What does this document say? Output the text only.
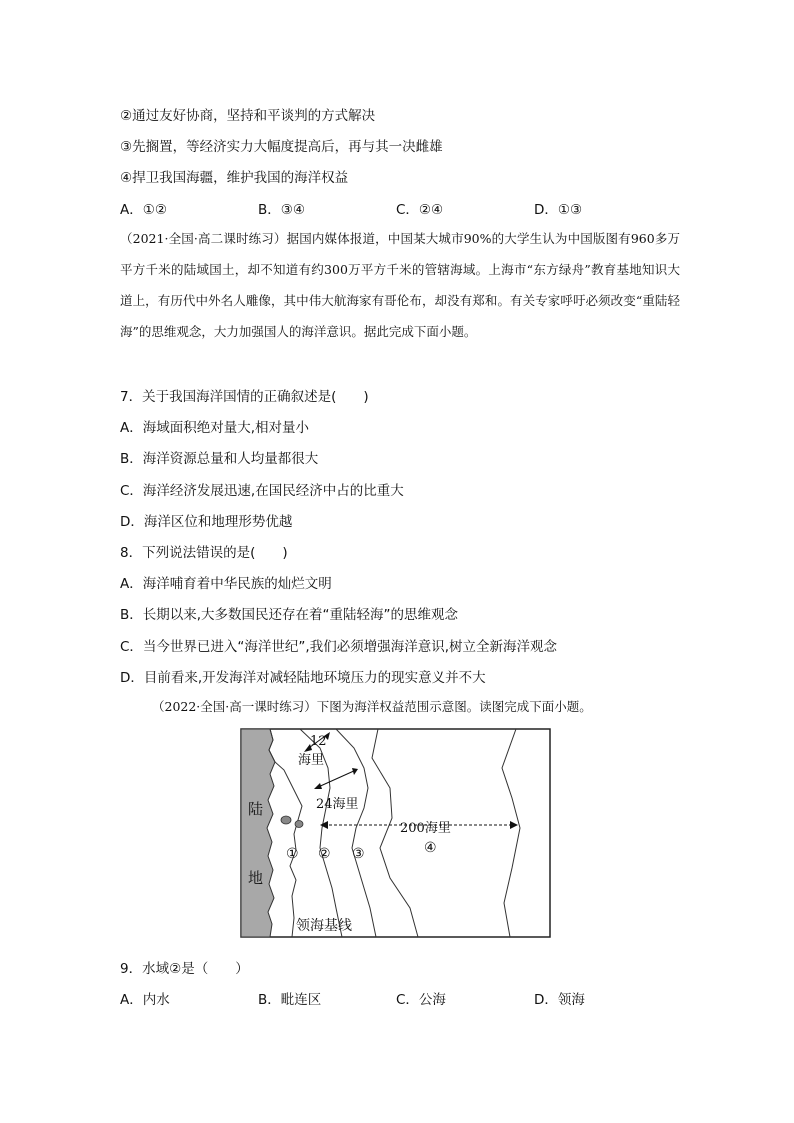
②通过友好协商，坚持和平谈判的方式解决
③先搁置，等经济实力大幅度提高后，再与其一决雌雄
④捍卫我国海疆，维护我国的海洋权益
A．①②	B．③④	C．②④	D．①③
（2021·全国·高二课时练习）据国内媒体报道，中国某大城市90%的大学生认为中国版图有960多万平方千米的陆域国土，却不知道有约300万平方千米的管辖海域。上海市“东方绿舟”教育基地知识大道上，有历代中外名人雕像，其中伟大航海家有哥伦布，却没有郑和。有关专家呼吁必须改变“重陆轻海”的思维观念，大力加强国人的海洋意识。据此完成下面小题。
7．关于我国海洋国情的正确叙述是(　　)
A．海域面积绝对量大,相对量小
B．海洋资源总量和人均量都很大
C．海洋经济发展迅速,在国民经济中占的比重大
D．海洋区位和地理形势优越
8．下列说法错误的是(　　)
A．海洋哺育着中华民族的灿烂文明
B．长期以来,大多数国民还存在着“重陆轻海”的思维观念
C．当今世界已进入“海洋世纪”,我们必须增强海洋意识,树立全新海洋观念
D．目前看来,开发海洋对减轻陆地环境压力的现实意义并不大
（2022·全国·高一课时练习）下图为海洋权益范围示意图。读图完成下面小题。
陆
地
12
海里
24海里
200海里
① ② ③	④
领海基线
9．水域②是（　　）
A．内水	B．毗连区	C．公海	D．领海
